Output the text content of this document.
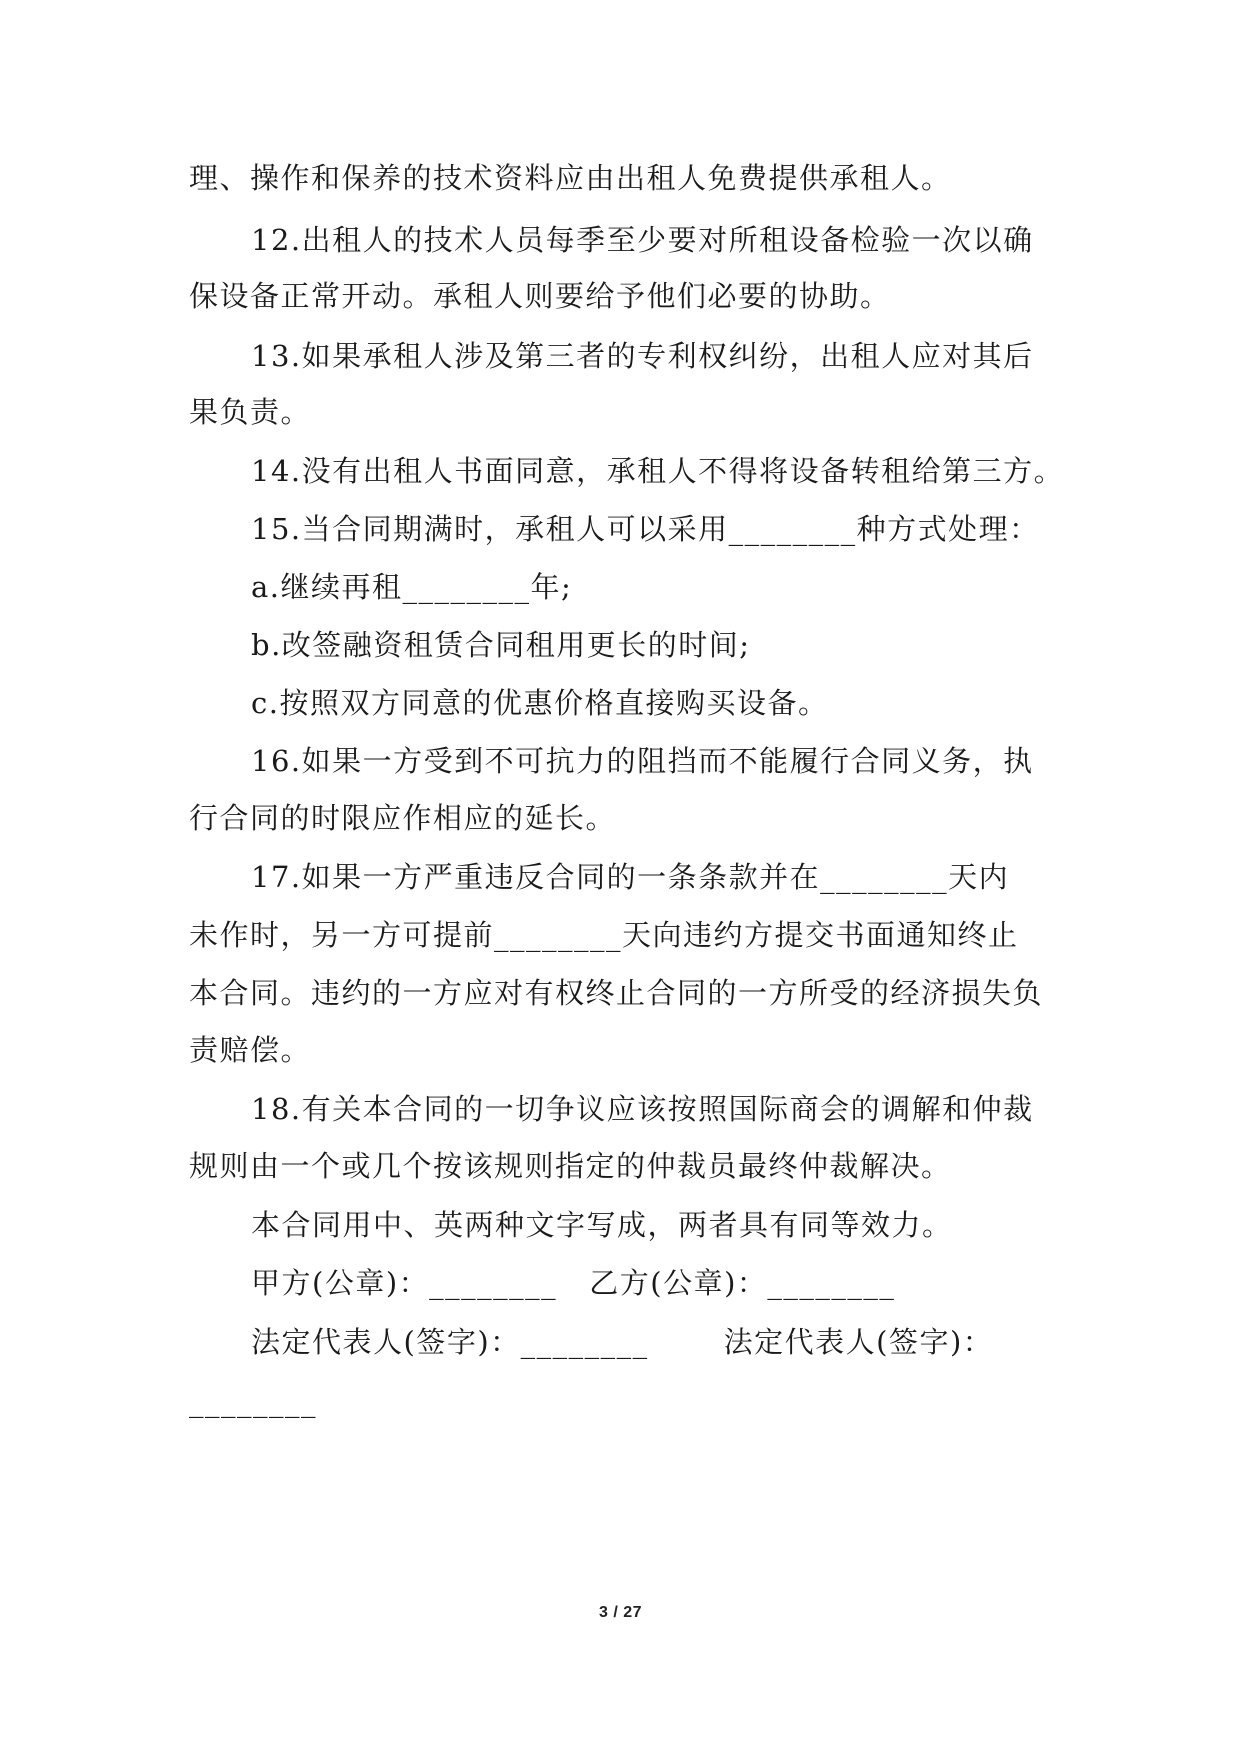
理、操作和保养的技术资料应由出租人免费提供承租人。
12.出租人的技术人员每季至少要对所租设备检验一次以确
保设备正常开动。承租人则要给予他们必要的协助。
13.如果承租人涉及第三者的专利权纠纷，出租人应对其后
果负责。
14.没有出租人书面同意，承租人不得将设备转租给第三方。
15.当合同期满时，承租人可以采用________种方式处理：
a.继续再租________年;
b.改签融资租赁合同租用更长的时间;
c.按照双方同意的优惠价格直接购买设备。
16.如果一方受到不可抗力的阻挡而不能履行合同义务，执
行合同的时限应作相应的延长。
17.如果一方严重违反合同的一条条款并在________天内
未作时，另一方可提前________天向违约方提交书面通知终止
本合同。违约的一方应对有权终止合同的一方所受的经济损失负
责赔偿。
18.有关本合同的一切争议应该按照国际商会的调解和仲裁
规则由一个或几个按该规则指定的仲裁员最终仲裁解决。
本合同用中、英两种文字写成，两者具有同等效力。
甲方(公章)：________   乙方(公章)：________
法定代表人(签字)：________       法定代表人(签字)：
________
3 / 27
